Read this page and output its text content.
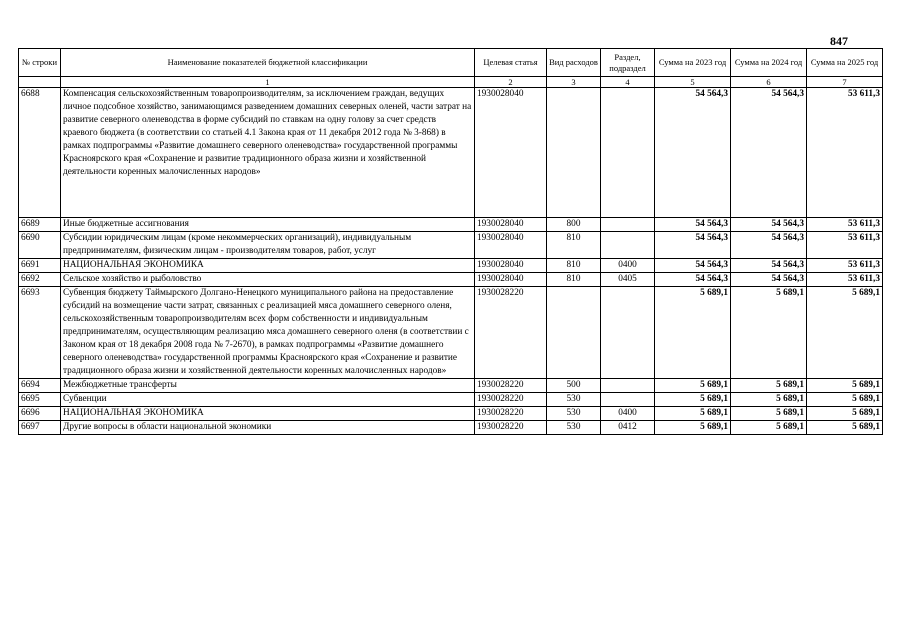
847
№ строки	Наименование показателей бюджетной классификации	Целевая статья	Вид расходов	Раздел, подраздел	Сумма на 2023 год	Сумма на 2024 год	Сумма на 2025 год
	1	2	3	4	5	6	7
6688	Компенсация сельскохозяйственным товаропроизводителям, за исключением граждан, ведущих личное подсобное хозяйство, занимающимся разведением домашних северных оленей, части затрат на развитие северного оленеводства в форме субсидий по ставкам на одну голову за счет средств краевого бюджета (в соответствии со статьей 4.1 Закона края от 11 декабря 2012 года № 3-868) в рамках подпрограммы «Развитие домашнего северного оленеводства» государственной программы Красноярского края «Сохранение и развитие традиционного образа жизни и хозяйственной деятельности коренных малочисленных народов»	1930028040			54 564,3	54 564,3	53 611,3
6689	Иные бюджетные ассигнования	1930028040	800		54 564,3	54 564,3	53 611,3
6690	Субсидии юридическим лицам (кроме некоммерческих организаций), индивидуальным предпринимателям, физическим лицам - производителям товаров, работ, услуг	1930028040	810		54 564,3	54 564,3	53 611,3
6691	НАЦИОНАЛЬНАЯ ЭКОНОМИКА	1930028040	810	0400	54 564,3	54 564,3	53 611,3
6692	Сельское хозяйство и рыболовство	1930028040	810	0405	54 564,3	54 564,3	53 611,3
6693	Субвенция бюджету Таймырского Долгано-Ненецкого муниципального района на предоставление субсидий на возмещение части затрат, связанных с реализацией мяса домашнего северного оленя, сельскохозяйственным товаропроизводителям всех форм собственности и индивидуальным предпринимателям, осуществляющим реализацию мяса домашнего северного оленя (в соответствии с Законом края от 18 декабря 2008 года № 7-2670), в рамках подпрограммы «Развитие домашнего северного оленеводства» государственной программы Красноярского края «Сохранение и развитие традиционного образа жизни и хозяйственной деятельности коренных малочисленных народов»	1930028220			5 689,1	5 689,1	5 689,1
6694	Межбюджетные трансферты	1930028220	500		5 689,1	5 689,1	5 689,1
6695	Субвенции	1930028220	530		5 689,1	5 689,1	5 689,1
6696	НАЦИОНАЛЬНАЯ ЭКОНОМИКА	1930028220	530	0400	5 689,1	5 689,1	5 689,1
6697	Другие вопросы в области национальной экономики	1930028220	530	0412	5 689,1	5 689,1	5 689,1
